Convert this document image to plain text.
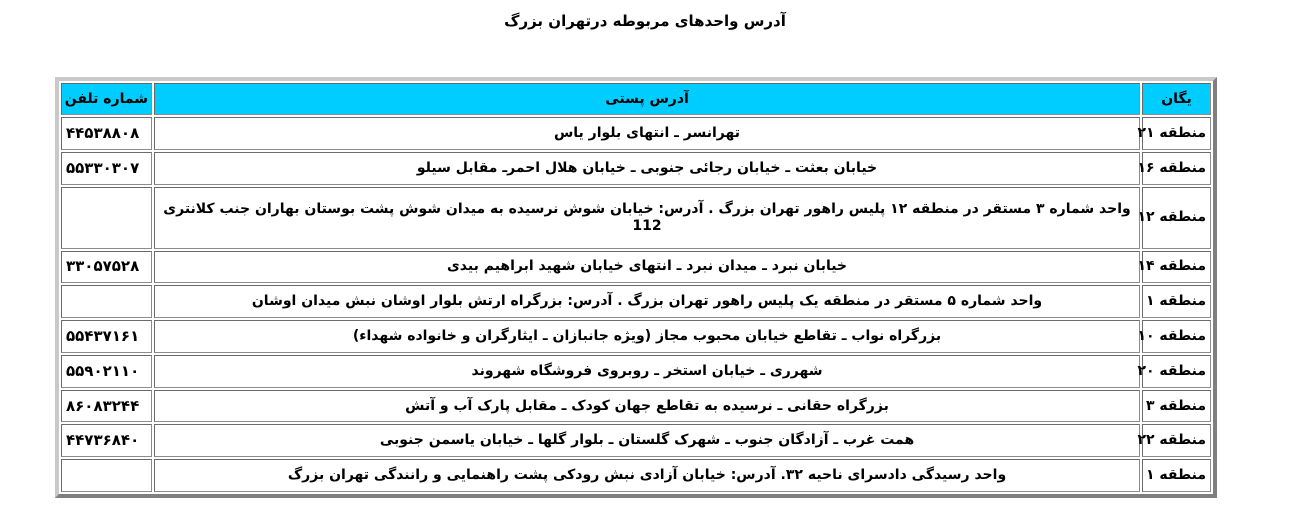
آدرس واحدهای مربوطه درتهران بزرگ
یگان	آدرس پستی	شماره تلفن
منطقه ۲۱	تهرانسر ـ انتهای بلوار یاس	۴۴۵۳۸۸۰۸
منطقه ۱۶	خیابان بعثت ـ خیابان رجائی جنوبی ـ خیابان هلال احمرـ مقابل سیلو	۵۵۳۳۰۳۰۷
منطقه ۱۲	واحد شماره ۳ مستقر در منطقه ۱۲ پلیس راهور تهران بزرگ . آدرس: خیابان شوش نرسیده به میدان شوش پشت بوستان بهاران جنب کلانتری 112	
منطقه ۱۴	خیابان نبرد ـ میدان نبرد ـ انتهای خیابان شهید ابراهیم بیدی	۳۳۰۵۷۵۲۸
منطقه ۱	واحد شماره ۵ مستقر در منطقه یک پلیس راهور تهران بزرگ . آدرس: بزرگراه ارتش بلوار اوشان نبش میدان اوشان	
منطقه ۱۰	بزرگراه نواب ـ تقاطع خیابان محبوب مجاز (ویژه جانبازان ـ ایثارگران و خانواده شهداء)	۵۵۴۳۷۱۶۱
منطقه ۲۰	شهرری ـ خیابان استخر ـ روبروی فروشگاه شهروند	۵۵۹۰۲۱۱۰
منطقه ۳	بزرگراه حقانی ـ نرسیده به تقاطع جهان کودک ـ مقابل پارک آب و آتش	۸۶۰۸۳۲۴۴
منطقه ۲۲	همت غرب ـ آزادگان جنوب ـ شهرک گلستان ـ بلوار گلها ـ خیابان یاسمن جنوبی	۴۴۷۳۶۸۴۰
منطقه ۱	واحد رسیدگی دادسرای ناحیه ۳۲. آدرس: خیابان آزادی نبش رودکی پشت راهنمایی و رانندگی تهران بزرگ	
